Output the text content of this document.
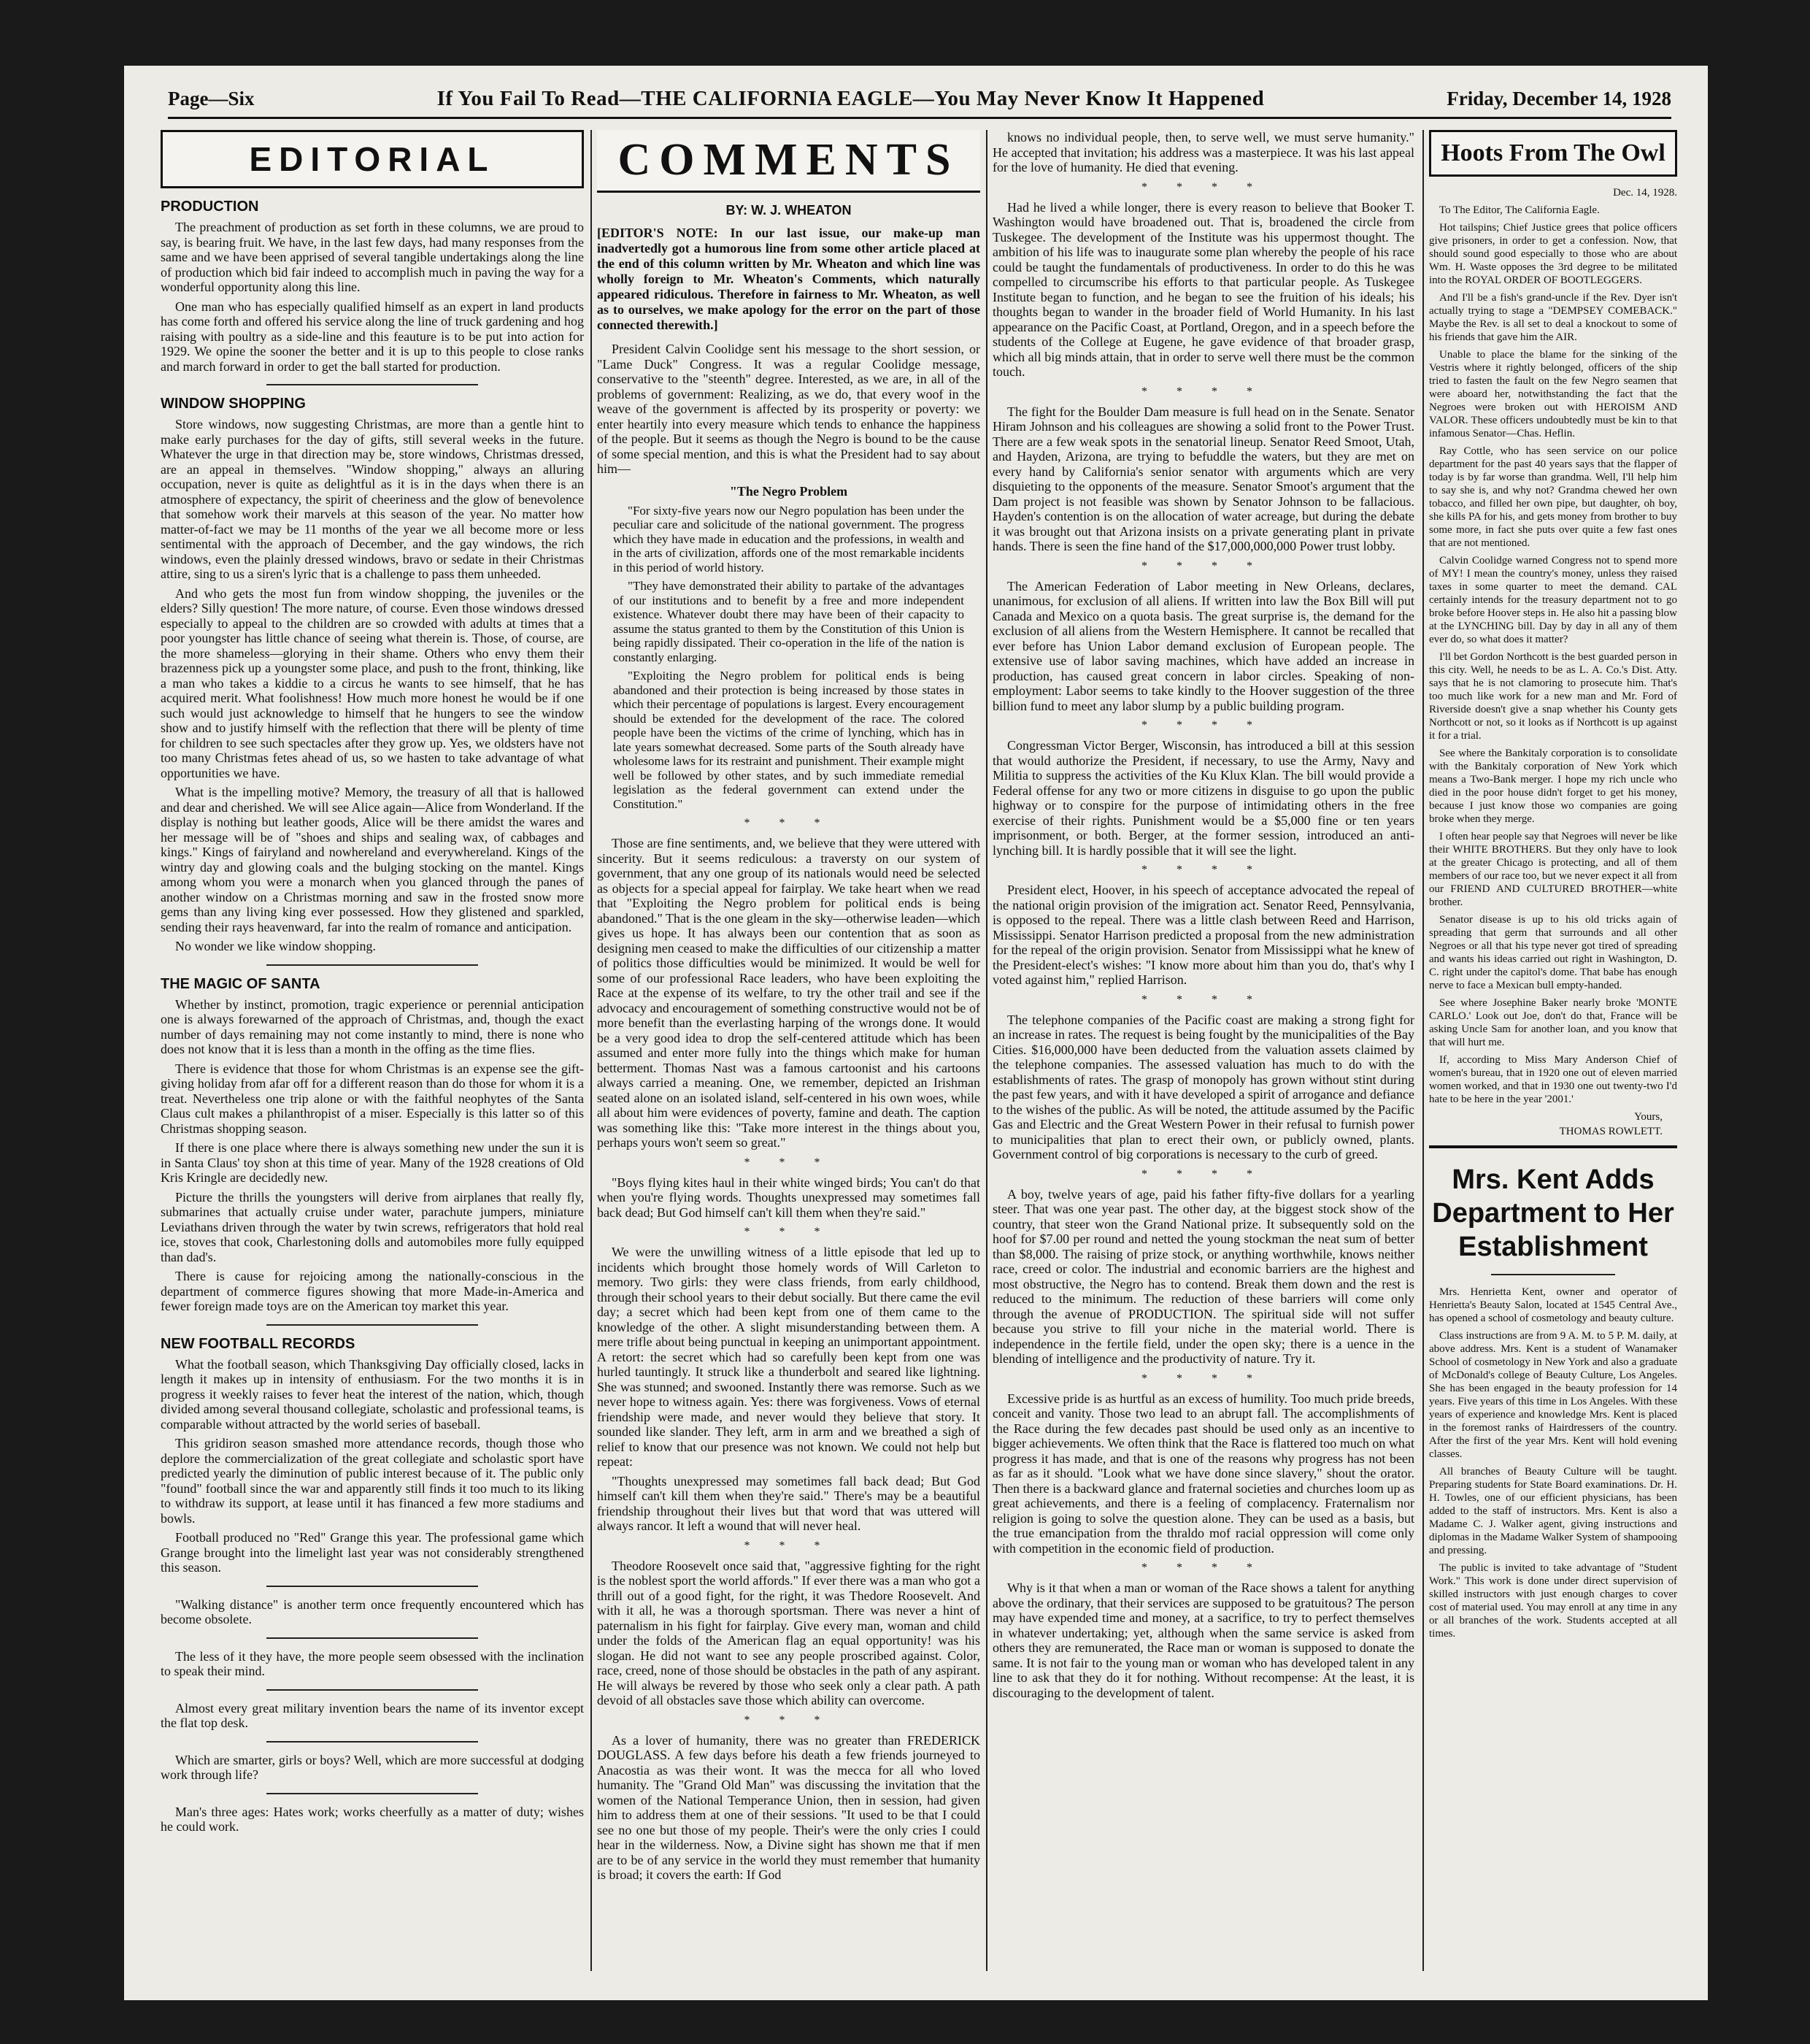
Page—Six	If You Fail To Read—THE CALIFORNIA EAGLE—You May Never Know It Happened	Friday, December 14, 1928
EDITORIAL
PRODUCTION

The preachment of production as set forth in these columns, we are proud to say, is bearing fruit. We have, in the last few days, had many responses from the same and we have been apprised of several tangible undertakings along the line of production which bid fair indeed to accomplish much in paving the way for a wonderful opportunity along this line.

One man who has especially qualified himself as an expert in land products has come forth and offered his service along the line of truck gardening and hog raising with poultry as a side-line and this feauture is to be put into action for 1929. We opine the sooner the better and it is up to this people to close ranks and march forward in order to get the ball started for production.

WINDOW SHOPPING

Store windows, now suggesting Christmas, are more than a gentle hint to make early purchases for the day of gifts, still several weeks in the future. Whatever the urge in that direction may be, store windows, Christmas dressed, are an appeal in themselves. "Window shopping," always an alluring occupation, never is quite as delightful as it is in the days when there is an atmosphere of expectancy, the spirit of cheeriness and the glow of benevolence that somehow work their marvels at this season of the year. No matter how matter-of-fact we may be 11 months of the year we all become more or less sentimental with the approach of December, and the gay windows, the rich windows, even the plainly dressed windows, bravo or sedate in their Christmas attire, sing to us a siren's lyric that is a challenge to pass them unheeded.

And who gets the most fun from window shopping, the juveniles or the elders? Silly question! The more nature, of course. Even those windows dressed especially to appeal to the children are so crowded with adults at times that a poor youngster has little chance of seeing what therein is. Those, of course, are the more shameless—glorying in their shame. Others who envy them their brazenness pick up a youngster some place, and push to the front, thinking, like a man who takes a kiddie to a circus he wants to see himself, that he has acquired merit. What foolishness! How much more honest he would be if one such would just acknowledge to himself that he hungers to see the window show and to justify himself with the reflection that there will be plenty of time for children to see such spectacles after they grow up. Yes, we oldsters have not too many Christmas fetes ahead of us, so we hasten to take advantage of what opportunities we have.

What is the impelling motive? Memory, the treasury of all that is hallowed and dear and cherished. We will see Alice again—Alice from Wonderland. If the display is nothing but leather goods, Alice will be there amidst the wares and her message will be of "shoes and ships and sealing wax, of cabbages and kings." Kings of fairyland and nowhereland and everywhereland. Kings of the wintry day and glowing coals and the bulging stocking on the mantel. Kings among whom you were a monarch when you glanced through the panes of another window on a Christmas morning and saw in the frosted snow more gems than any living king ever possessed. How they glistened and sparkled, sending their rays heavenward, far into the realm of romance and anticipation.

No wonder we like window shopping.

THE MAGIC OF SANTA

Whether by instinct, promotion, tragic experience or perennial anticipation one is always forewarned of the approach of Christmas, and, though the exact number of days remaining may not come instantly to mind, there is none who does not know that it is less than a month in the offing as the time flies.

There is evidence that those for whom Christmas is an expense see the gift-giving holiday from afar off for a different reason than do those for whom it is a treat. Nevertheless one trip alone or with the faithful neophytes of the Santa Claus cult makes a philanthropist of a miser. Especially is this latter so of this Christmas shopping season.

If there is one place where there is always something new under the sun it is in Santa Claus' toy shon at this time of year. Many of the 1928 creations of Old Kris Kringle are decidedly new.

Picture the thrills the youngsters will derive from airplanes that really fly, submarines that actually cruise under water, parachute jumpers, miniature Leviathans driven through the water by twin screws, refrigerators that hold real ice, stoves that cook, Charlestoning dolls and automobiles more fully equipped than dad's.

There is cause for rejoicing among the nationally-conscious in the department of commerce figures showing that more Made-in-America and fewer foreign made toys are on the American toy market this year.

NEW FOOTBALL RECORDS

What the football season, which Thanksgiving Day officially closed, lacks in length it makes up in intensity of enthusiasm. For the two months it is in progress it weekly raises to fever heat the interest of the nation, which, though divided among several thousand collegiate, scholastic and professional teams, is comparable without attracted by the world series of baseball.

This gridiron season smashed more attendance records, though those who deplore the commercialization of the great collegiate and scholastic sport have predicted yearly the diminution of public interest because of it. The public only "found" football since the war and apparently still finds it too much to its liking to withdraw its support, at lease until it has financed a few more stadiums and bowls.

Football produced no "Red" Grange this year. The professional game which Grange brought into the limelight last year was not considerably strengthened this season.

"Walking distance" is another term once frequently encountered which has become obsolete.

The less of it they have, the more people seem obsessed with the inclination to speak their mind.

Almost every great military invention bears the name of its inventor except the flat top desk.

Which are smarter, girls or boys? Well, which are more successful at dodging work through life?

Man's three ages: Hates work; works cheerfully as a matter of duty; wishes he could work.

COMMENTS
BY: W. J. WHEATON
[EDITOR'S NOTE: In our last issue, our make-up man inadvertedly got a humorous line from some other article placed at the end of this column written by Mr. Wheaton and which line was wholly foreign to Mr. Wheaton's Comments, which naturally appeared ridiculous. Therefore in fairness to Mr. Wheaton, as well as to ourselves, we make apology for the error on the part of those connected therewith.]

President Calvin Coolidge sent his message to the short session, or "Lame Duck" Congress. It was a regular Coolidge message, conservative to the "steenth" degree. Interested, as we are, in all of the problems of government: Realizing, as we do, that every woof in the weave of the government is affected by its prosperity or poverty: we enter heartily into every measure which tends to enhance the happiness of the people. But it seems as though the Negro is bound to be the cause of some special mention, and this is what the President had to say about him—

"The Negro Problem

"For sixty-five years now our Negro population has been under the peculiar care and solicitude of the national government. The progress which they have made in education and the professions, in wealth and in the arts of civilization, affords one of the most remarkable incidents in this period of world history.

"They have demonstrated their ability to partake of the advantages of our institutions and to benefit by a free and more independent existence. Whatever doubt there may have been of their capacity to assume the status granted to them by the Constitution of this Union is being rapidly dissipated. Their co-operation in the life of the nation is constantly enlarging.

"Exploiting the Negro problem for political ends is being abandoned and their protection is being increased by those states in which their percentage of populations is largest. Every encouragement should be extended for the development of the race. The colored people have been the victims of the crime of lynching, which has in late years somewhat decreased. Some parts of the South already have wholesome laws for its restraint and punishment. Their example might well be followed by other states, and by such immediate remedial legislation as the federal government can extend under the Constitution."

* * *

Those are fine sentiments, and, we believe that they were uttered with sincerity. But it seems rediculous: a traversty on our system of government, that any one group of its nationals would need be selected as objects for a special appeal for fairplay. We take heart when we read that "Exploiting the Negro problem for political ends is being abandoned." That is the one gleam in the sky—otherwise leaden—which gives us hope. It has always been our contention that as soon as designing men ceased to make the difficulties of our citizenship a matter of politics those difficulties would be minimized. It would be well for some of our professional Race leaders, who have been exploiting the Race at the expense of its welfare, to try the other trail and see if the advocacy and encouragement of something constructive would not be of more benefit than the everlasting harping of the wrongs done. It would be a very good idea to drop the self-centered attitude which has been assumed and enter more fully into the things which make for human betterment. Thomas Nast was a famous cartoonist and his cartoons always carried a meaning. One, we remember, depicted an Irishman seated alone on an isolated island, self-centered in his own woes, while all about him were evidences of poverty, famine and death. The caption was something like this: "Take more interest in the things about you, perhaps yours won't seem so great."

* * *

"Boys flying kites haul in their white winged birds; You can't do that when you're flying words. Thoughts unexpressed may sometimes fall back dead; But God himself can't kill them when they're said."

* * *

We were the unwilling witness of a little episode that led up to incidents which brought those homely words of Will Carleton to memory. Two girls: they were class friends, from early childhood, through their school years to their debut socially. But there came the evil day; a secret which had been kept from one of them came to the knowledge of the other. A slight misunderstanding between them. A mere trifle about being punctual in keeping an unimportant appointment. A retort: the secret which had so carefully been kept from one was hurled tauntingly. It struck like a thunderbolt and seared like lightning. She was stunned; and swooned. Instantly there was remorse. Such as we never hope to witness again. Yes: there was forgiveness. Vows of eternal friendship were made, and never would they believe that story. It sounded like slander. They left, arm in arm and we breathed a sigh of relief to know that our presence was not known. We could not help but repeat:

"Thoughts unexpressed may sometimes fall back dead; But God himself can't kill them when they're said." There's may be a beautiful friendship throughout their lives but that word that was uttered will always rancor. It left a wound that will never heal.

* * *

Theodore Roosevelt once said that, "aggressive fighting for the right is the noblest sport the world affords." If ever there was a man who got a thrill out of a good fight, for the right, it was Thedore Roosevelt. And with it all, he was a thorough sportsman. There was never a hint of paternalism in his fight for fairplay. Give every man, woman and child under the folds of the American flag an equal opportunity! was his slogan. He did not want to see any people proscribed against. Color, race, creed, none of those should be obstacles in the path of any aspirant. He will always be revered by those who seek only a clear path. A path devoid of all obstacles save those which ability can overcome.

* * *

As a lover of humanity, there was no greater than FREDERICK DOUGLASS. A few days before his death a few friends journeyed to Anacostia as was their wont. It was the mecca for all who loved humanity. The "Grand Old Man" was discussing the invitation that the women of the National Temperance Union, then in session, had given him to address them at one of their sessions. "It used to be that I could see no one but those of my people. Their's were the only cries I could hear in the wilderness. Now, a Divine sight has shown me that if men are to be of any service in the world they must remember that humanity is broad; it covers the earth: If God

knows no individual people, then, to serve well, we must serve humanity." He accepted that invitation; his address was a masterpiece. It was his last appeal for the love of humanity. He died that evening.

* * * *

Had he lived a while longer, there is every reason to believe that Booker T. Washington would have broadened out. That is, broadened the circle from Tuskegee. The development of the Institute was his uppermost thought. The ambition of his life was to inaugurate some plan whereby the people of his race could be taught the fundamentals of productiveness. In order to do this he was compelled to circumscribe his efforts to that particular people. As Tuskegee Institute began to function, and he began to see the fruition of his ideals; his thoughts began to wander in the broader field of World Humanity. In his last appearance on the Pacific Coast, at Portland, Oregon, and in a speech before the students of the College at Eugene, he gave evidence of that broader grasp, which all big minds attain, that in order to serve well there must be the common touch.

* * * *

The fight for the Boulder Dam measure is full head on in the Senate. Senator Hiram Johnson and his colleagues are showing a solid front to the Power Trust. There are a few weak spots in the senatorial lineup. Senator Reed Smoot, Utah, and Hayden, Arizona, are trying to befuddle the waters, but they are met on every hand by California's senior senator with arguments which are very disquieting to the opponents of the measure. Senator Smoot's argument that the Dam project is not feasible was shown by Senator Johnson to be fallacious. Hayden's contention is on the allocation of water acreage, but during the debate it was brought out that Arizona insists on a private generating plant in private hands. There is seen the fine hand of the $17,000,000,000 Power trust lobby.

* * * *

The American Federation of Labor meeting in New Orleans, declares, unanimous, for exclusion of all aliens. If written into law the Box Bill will put Canada and Mexico on a quota basis. The great surprise is, the demand for the exclusion of all aliens from the Western Hemisphere. It cannot be recalled that ever before has Union Labor demand exclusion of European people. The extensive use of labor saving machines, which have added an increase in production, has caused great concern in labor circles. Speaking of non-employment: Labor seems to take kindly to the Hoover suggestion of the three billion fund to meet any labor slump by a public building program.

* * * *

Congressman Victor Berger, Wisconsin, has introduced a bill at this session that would authorize the President, if necessary, to use the Army, Navy and Militia to suppress the activities of the Ku Klux Klan. The bill would provide a Federal offense for any two or more citizens in disguise to go upon the public highway or to conspire for the purpose of intimidating others in the free exercise of their rights. Punishment would be a $5,000 fine or ten years imprisonment, or both. Berger, at the former session, introduced an anti-lynching bill. It is hardly possible that it will see the light.

* * * *

President elect, Hoover, in his speech of acceptance advocated the repeal of the national origin provision of the imigration act. Senator Reed, Pennsylvania, is opposed to the repeal. There was a little clash between Reed and Harrison, Mississippi. Senator Harrison predicted a proposal from the new administration for the repeal of the origin provision. Senator from Mississippi what he knew of the President-elect's wishes: "I know more about him than you do, that's why I voted against him," replied Harrison.

* * * *

The telephone companies of the Pacific coast are making a strong fight for an increase in rates. The request is being fought by the municipalities of the Bay Cities. $16,000,000 have been deducted from the valuation assets claimed by the telephone companies. The assessed valuation has much to do with the establishments of rates. The grasp of monopoly has grown without stint during the past few years, and with it have developed a spirit of arrogance and defiance to the wishes of the public. As will be noted, the attitude assumed by the Pacific Gas and Electric and the Great Western Power in their refusal to furnish power to municipalities that plan to erect their own, or publicly owned, plants. Government control of big corporations is necessary to the curb of greed.

* * * *

A boy, twelve years of age, paid his father fifty-five dollars for a yearling steer. That was one year past. The other day, at the biggest stock show of the country, that steer won the Grand National prize. It subsequently sold on the hoof for $7.00 per round and netted the young stockman the neat sum of better than $8,000. The raising of prize stock, or anything worthwhile, knows neither race, creed or color. The industrial and economic barriers are the highest and most obstructive, the Negro has to contend. Break them down and the rest is reduced to the minimum. The reduction of these barriers will come only through the avenue of PRODUCTION. The spiritual side will not suffer because you strive to fill your niche in the material world. There is independence in the fertile field, under the open sky; there is a uence in the blending of intelligence and the productivity of nature. Try it.

* * * *

Excessive pride is as hurtful as an excess of humility. Too much pride breeds, conceit and vanity. Those two lead to an abrupt fall. The accomplishments of the Race during the few decades past should be used only as an incentive to bigger achievements. We often think that the Race is flattered too much on what progress it has made, and that is one of the reasons why progress has not been as far as it should. "Look what we have done since slavery," shout the orator. Then there is a backward glance and fraternal societies and churches loom up as great achievements, and there is a feeling of complacency. Fraternalism nor religion is going to solve the question alone. They can be used as a basis, but the true emancipation from the thraldo mof racial oppression will come only with competition in the economic field of production.

* * * *

Why is it that when a man or woman of the Race shows a talent for anything above the ordinary, that their services are supposed to be gratuitous? The person may have expended time and money, at a sacrifice, to try to perfect themselves in whatever undertaking; yet, although when the same service is asked from others they are remunerated, the Race man or woman is supposed to donate the same. It is not fair to the young man or woman who has developed talent in any line to ask that they do it for nothing. Without recompense: At the least, it is discouraging to the development of talent.

Hoots From The Owl
Dec. 14, 1928.

To The Editor, The California Eagle.

Hot tailspins; Chief Justice grees that police officers give prisoners, in order to get a confession. Now, that should sound good especially to those who are about Wm. H. Waste opposes the 3rd degree to be militated into the ROYAL ORDER OF BOOTLEGGERS.

And I'll be a fish's grand-uncle if the Rev. Dyer isn't actually trying to stage a "DEMPSEY COMEBACK." Maybe the Rev. is all set to deal a knockout to some of his friends that gave him the AIR.

Unable to place the blame for the sinking of the Vestris where it rightly belonged, officers of the ship tried to fasten the fault on the few Negro seamen that were aboard her, notwithstanding the fact that the Negroes were broken out with HEROISM AND VALOR. These officers undoubtedly must be kin to that infamous Senator—Chas. Heflin.

Ray Cottle, who has seen service on our police department for the past 40 years says that the flapper of today is by far worse than grandma. Well, I'll help him to say she is, and why not? Grandma chewed her own tobacco, and filled her own pipe, but daughter, oh boy, she kills PA for his, and gets money from brother to buy some more, in fact she puts over quite a few fast ones that are not mentioned.

Calvin Coolidge warned Congress not to spend more of MY! I mean the country's money, unless they raised taxes in some quarter to meet the demand. CAL certainly intends for the treasury department not to go broke before Hoover steps in. He also hit a passing blow at the LYNCHING bill. Day by day in all any of them ever do, so what does it matter?

I'll bet Gordon Northcott is the best guarded person in this city. Well, he needs to be as L. A. Co.'s Dist. Atty. says that he is not clamoring to prosecute him. That's too much like work for a new man and Mr. Ford of Riverside doesn't give a snap whether his County gets Northcott or not, so it looks as if Northcott is up against it for a trial.

See where the Bankitaly corporation is to consolidate with the Bankitaly corporation of New York which means a Two-Bank merger. I hope my rich uncle who died in the poor house didn't forget to get his money, because I just know those wo companies are going broke when they merge.

I often hear people say that Negroes will never be like their WHITE BROTHERS. But they only have to look at the greater Chicago is protecting, and all of them members of our race too, but we never expect it all from our FRIEND AND CULTURED BROTHER—white brother.

Senator disease is up to his old tricks again of spreading that germ that surrounds and all other Negroes or all that his type never got tired of spreading and wants his ideas carried out right in Washington, D. C. right under the capitol's dome. That babe has enough nerve to face a Mexican bull empty-handed.

See where Josephine Baker nearly broke 'MONTE CARLO.' Look out Joe, don't do that, France will be asking Uncle Sam for another loan, and you know that that will hurt me.

If, according to Miss Mary Anderson Chief of women's bureau, that in 1920 one out of eleven married women worked, and that in 1930 one out twenty-two I'd hate to be here in the year '2001.'

Yours,

THOMAS ROWLETT.

Mrs. Kent Adds Department to Her Establishment

Mrs. Henrietta Kent, owner and operator of Henrietta's Beauty Salon, located at 1545 Central Ave., has opened a school of cosmetology and beauty culture.

Class instructions are from 9 A. M. to 5 P. M. daily, at above address. Mrs. Kent is a student of Wanamaker School of cosmetology in New York and also a graduate of McDonald's college of Beauty Culture, Los Angeles. She has been engaged in the beauty profession for 14 years. Five years of this time in Los Angeles. With these years of experience and knowledge Mrs. Kent is placed in the foremost ranks of Hairdressers of the country. After the first of the year Mrs. Kent will hold evening classes.

All branches of Beauty Culture will be taught. Preparing students for State Board examinations. Dr. H. H. Towles, one of our efficient physicians, has been added to the staff of instructors. Mrs. Kent is also a Madame C. J. Walker agent, giving instructions and diplomas in the Madame Walker System of shampooing and pressing.

The public is invited to take advantage of "Student Work." This work is done under direct supervision of skilled instructors with just enough charges to cover cost of material used. You may enroll at any time in any or all branches of the work. Students accepted at all times.
